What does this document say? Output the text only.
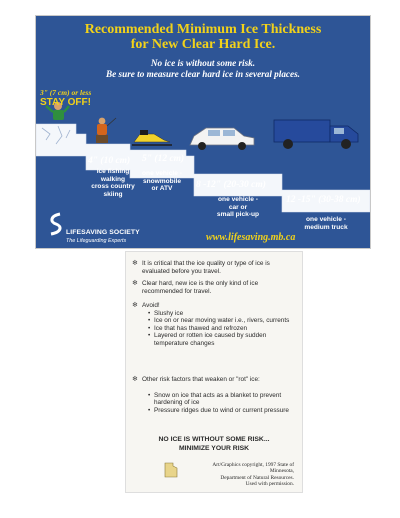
Recommended Minimum Ice Thickness
for New Clear Hard Ice.
No ice is without some risk.
Be sure to measure clear hard ice in several places.
3" (7 cm) or less
STAY OFF!
4" (10 cm)
ice fishing
walking
cross country
skiing
5" (12 cm)
one vehicle -
snowmobile
or ATV	8 -12" (20-30 cm)
one vehicle -
car or
small pick-up
12 -15" (30-38 cm)
one vehicle -
medium truck
LIFESAVING SOCIETY
The Lifeguarding Experts	www.lifesaving.mb.ca
❄ It is critical that the ice quality or type of ice is evaluated before you travel.
❄ Clear hard, new ice is the only kind of ice recommended for travel.
❄ Avoid!
• Slushy ice
• Ice on or near moving water i.e., rivers, currents
• Ice that has thawed and refrozen
• Layered or rotten ice caused by sudden temperature changes
❄ Other risk factors that weaken or "rot" ice:
• Snow on ice that acts as a blanket to prevent hardening of ice
• Pressure ridges due to wind or current pressure
NO ICE IS WITHOUT SOME RISK...
MINIMIZE YOUR RISK
Art/Graphics copyright, 1997 State of Minnesota,
Department of Natural Resources.
Used with permission.
